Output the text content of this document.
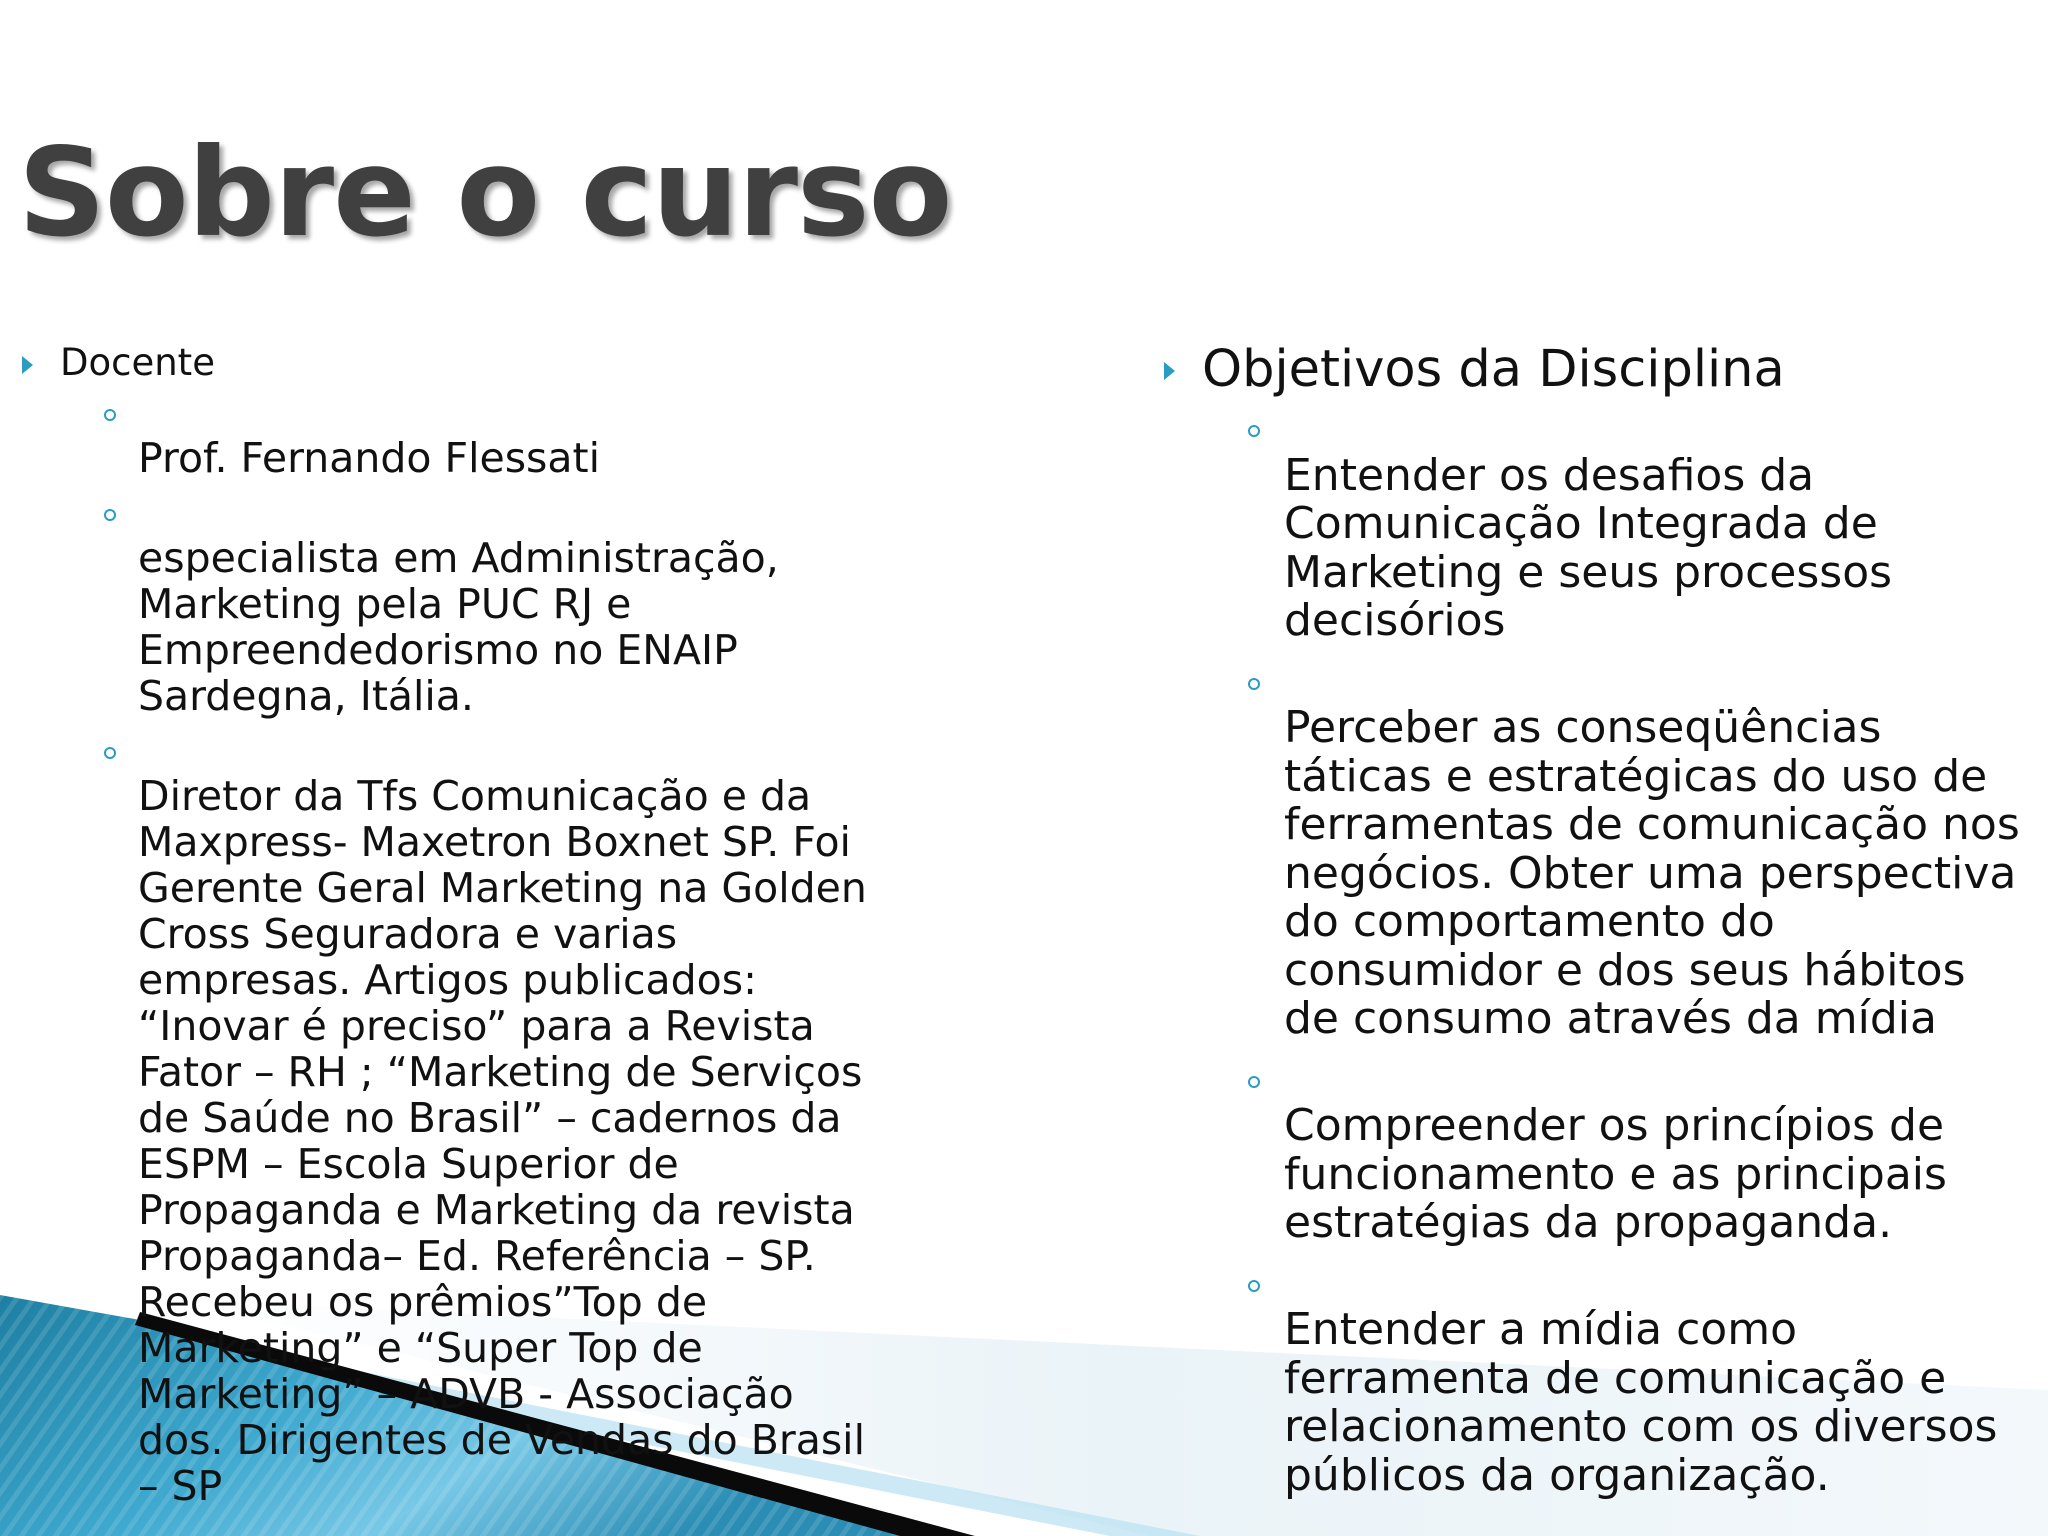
Sobre o curso
Docente

Prof. Fernando Flessati

especialista em Administração,
Marketing pela PUC RJ e
Empreendedorismo no ENAIP
Sardegna, Itália.

Diretor da Tfs Comunicação e da
Maxpress- Maxetron Boxnet SP. Foi
Gerente Geral Marketing na Golden
Cross Seguradora e varias
empresas. Artigos publicados:
“Inovar é preciso” para a Revista
Fator – RH ; “Marketing de Serviços
de Saúde no Brasil” – cadernos da
ESPM – Escola Superior de
Propaganda e Marketing da revista
Propaganda– Ed. Referência – SP.
Recebeu os prêmios”Top de
Marketing” e “Super Top de
Marketing” – ADVB - Associação
dos. Dirigentes de Vendas do Brasil
– SP

Objetivos da Disciplina

Entender os desafios da
Comunicação Integrada de
Marketing e seus processos
decisórios

Perceber as conseqüências
táticas e estratégicas do uso de
ferramentas de comunicação nos
negócios. Obter uma perspectiva
do comportamento do
consumidor e dos seus hábitos
de consumo através da mídia

Compreender os princípios de
funcionamento e as principais
estratégias da propaganda.

Entender a mídia como
ferramenta de comunicação e
relacionamento com os diversos
públicos da organização.
